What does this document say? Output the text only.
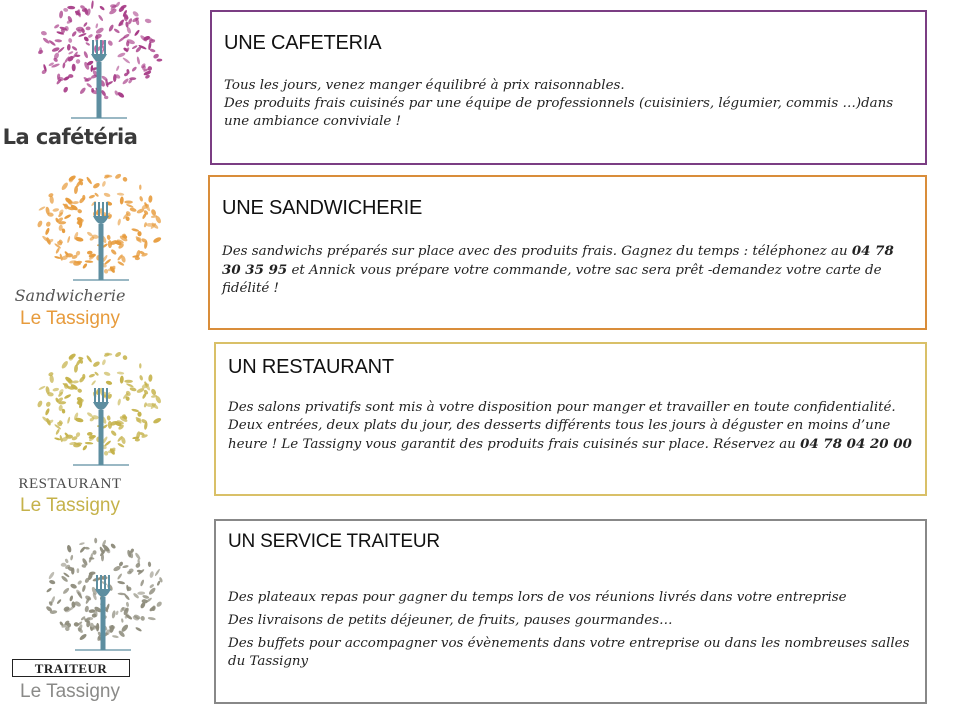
La cafétéria
Sandwicherie
Le Tassigny
RESTAURANT
Le Tassigny
TRAITEUR
Le Tassigny
UNE CAFETERIA

Tous les jours, venez manger équilibré à prix raisonnables.
Des produits frais cuisinés par une équipe de professionnels (cuisiniers, légumier, commis …)dans une ambiance conviviale !

UNE SANDWICHERIE

Des sandwichs préparés sur place avec des produits frais. Gagnez du temps : téléphonez au 04 78 30 35 95 et Annick vous prépare votre commande, votre sac sera prêt -demandez votre carte de fidélité !

UN RESTAURANT

Des salons privatifs sont mis à votre disposition pour manger et travailler en toute confidentialité. Deux entrées, deux plats du jour, des desserts différents tous les jours à déguster en moins d’une heure ! Le Tassigny vous garantit des produits frais cuisinés sur place. Réservez au 04 78 04 20 00

UN SERVICE TRAITEUR

Des plateaux repas pour gagner du temps lors de vos réunions livrés dans votre entreprise

Des livraisons de petits déjeuner, de fruits, pauses gourmandes…

Des buffets pour accompagner vos évènements dans votre entreprise ou dans les nombreuses salles du Tassigny
